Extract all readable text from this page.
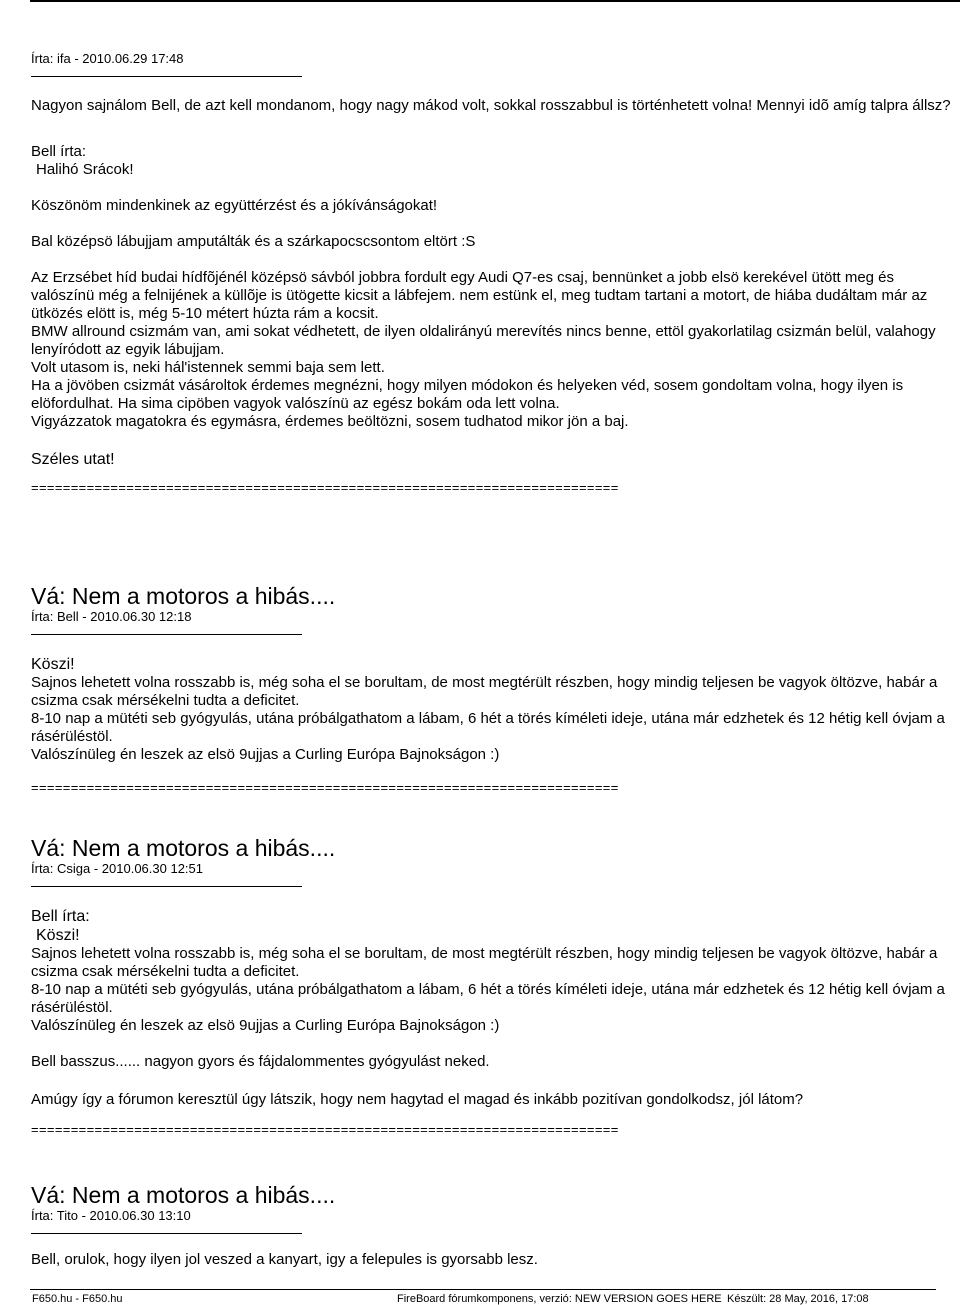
Írta: ifa - 2010.06.29 17:48

Nagyon sajnálom Bell, de azt kell mondanom, hogy nagy mákod volt, sokkal rosszabbul is történhetett volna! Mennyi idõ amíg talpra állsz?

Bell írta:

Halihó Srácok!

Köszönöm mindenkinek az együttérzést és a jókívánságokat!

Bal középsö lábujjam amputálták és a szárkapocscsontom eltört :S

Az Erzsébet híd budai hídfõjénél középsö sávból jobbra fordult egy Audi Q7-es csaj, bennünket a jobb elsö kerekével ütött meg és valószínü még a felnijének a küllõje is ütögette kicsit a lábfejem. nem estünk el, meg tudtam tartani a motort, de hiába dudáltam már az ütközés elött is, még 5-10 métert húzta rám a kocsit.

BMW allround csizmám van, ami sokat védhetett, de ilyen oldalirányú merevítés nincs benne, ettöl gyakorlatilag csizmán belül, valahogy lenyíródott az egyik lábujjam.

Volt utasom is, neki hál'istennek semmi baja sem lett.

Ha a jövöben csizmát vásároltok érdemes megnézni, hogy milyen módokon és helyeken véd, sosem gondoltam volna, hogy ilyen is elöfordulhat. Ha sima cipöben vagyok valószínü az egész bokám oda lett volna.

Vigyázzatok magatokra és egymásra, érdemes beöltözni, sosem tudhatod mikor jön a baj.

Széles utat!

==========================================================================

Vá: Nem a motoros a hibás....

Írta: Bell - 2010.06.30 12:18

Köszi!

Sajnos lehetett volna rosszabb is, még soha el se borultam, de most megtérült részben, hogy mindig teljesen be vagyok öltözve, habár a csizma csak mérsékelni tudta a deficitet.

8-10 nap a mütéti seb gyógyulás, utána próbálgathatom a lábam, 6 hét a törés kíméleti ideje, utána már edzhetek és 12 hétig kell óvjam a rásérüléstöl.

Valószínüleg én leszek az elsö 9ujjas a Curling Európa Bajnokságon :)

==========================================================================

Vá: Nem a motoros a hibás....

Írta: Csiga - 2010.06.30 12:51

Bell írta:

Köszi!

Sajnos lehetett volna rosszabb is, még soha el se borultam, de most megtérült részben, hogy mindig teljesen be vagyok öltözve, habár a csizma csak mérsékelni tudta a deficitet.

8-10 nap a mütéti seb gyógyulás, utána próbálgathatom a lábam, 6 hét a törés kíméleti ideje, utána már edzhetek és 12 hétig kell óvjam a rásérüléstöl.

Valószínüleg én leszek az elsö 9ujjas a Curling Európa Bajnokságon :)

Bell basszus...... nagyon gyors és fájdalommentes gyógyulást neked.

Amúgy így a fórumon keresztül úgy látszik, hogy nem hagytad el magad és inkább pozitívan gondolkodsz, jól látom?

==========================================================================

Vá: Nem a motoros a hibás....

Írta: Tito - 2010.06.30 13:10

Bell, orulok, hogy ilyen jol veszed a kanyart, igy a felepules is gyorsabb lesz.

F650.hu - F650.hu	FireBoard fórumkomponens, verzió: NEW VERSION GOES HERE Készült: 28 May, 2016, 17:08
